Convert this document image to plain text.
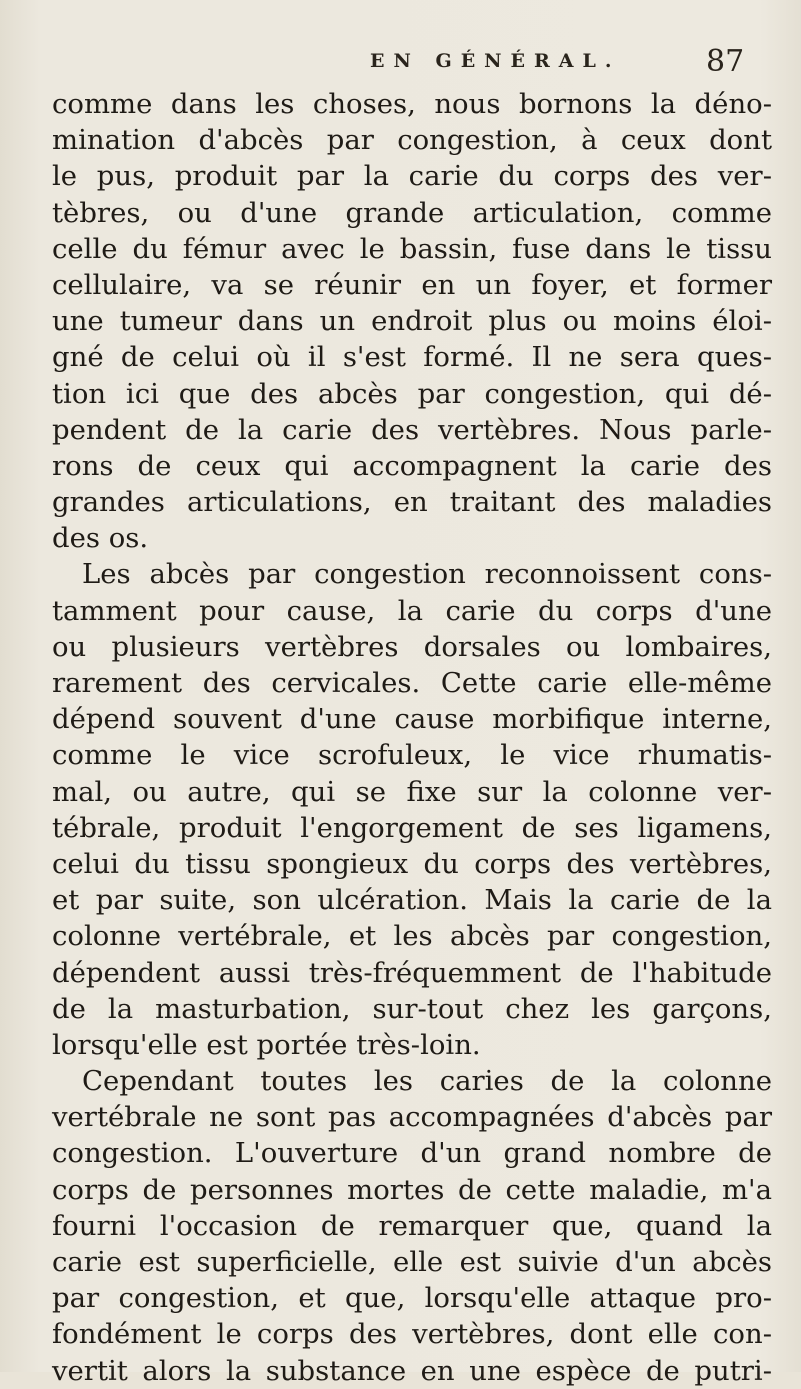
EN GÉNÉRAL.	87
comme dans les choses, nous bornons la déno-
mination d'abcès par congestion, à ceux dont
le pus, produit par la carie du corps des ver-
tèbres, ou d'une grande articulation, comme
celle du fémur avec le bassin, fuse dans le tissu
cellulaire, va se réunir en un foyer, et former
une tumeur dans un endroit plus ou moins éloi-
gné de celui où il s'est formé. Il ne sera ques-
tion ici que des abcès par congestion, qui dé-
pendent de la carie des vertèbres. Nous parle-
rons de ceux qui accompagnent la carie des
grandes articulations, en traitant des maladies
des os.
Les abcès par congestion reconnoissent cons-
tamment pour cause, la carie du corps d'une
ou plusieurs vertèbres dorsales ou lombaires,
rarement des cervicales. Cette carie elle-même
dépend souvent d'une cause morbifique interne,
comme le vice scrofuleux, le vice rhumatis-
mal, ou autre, qui se fixe sur la colonne ver-
tébrale, produit l'engorgement de ses ligamens,
celui du tissu spongieux du corps des vertèbres,
et par suite, son ulcération. Mais la carie de la
colonne vertébrale, et les abcès par congestion,
dépendent aussi très-fréquemment de l'habitude
de la masturbation, sur-tout chez les garçons,
lorsqu'elle est portée très-loin.
Cependant toutes les caries de la colonne
vertébrale ne sont pas accompagnées d'abcès par
congestion. L'ouverture d'un grand nombre de
corps de personnes mortes de cette maladie, m'a
fourni l'occasion de remarquer que, quand la
carie est superficielle, elle est suivie d'un abcès
par congestion, et que, lorsqu'elle attaque pro-
fondément le corps des vertèbres, dont elle con-
vertit alors la substance en une espèce de putri-
